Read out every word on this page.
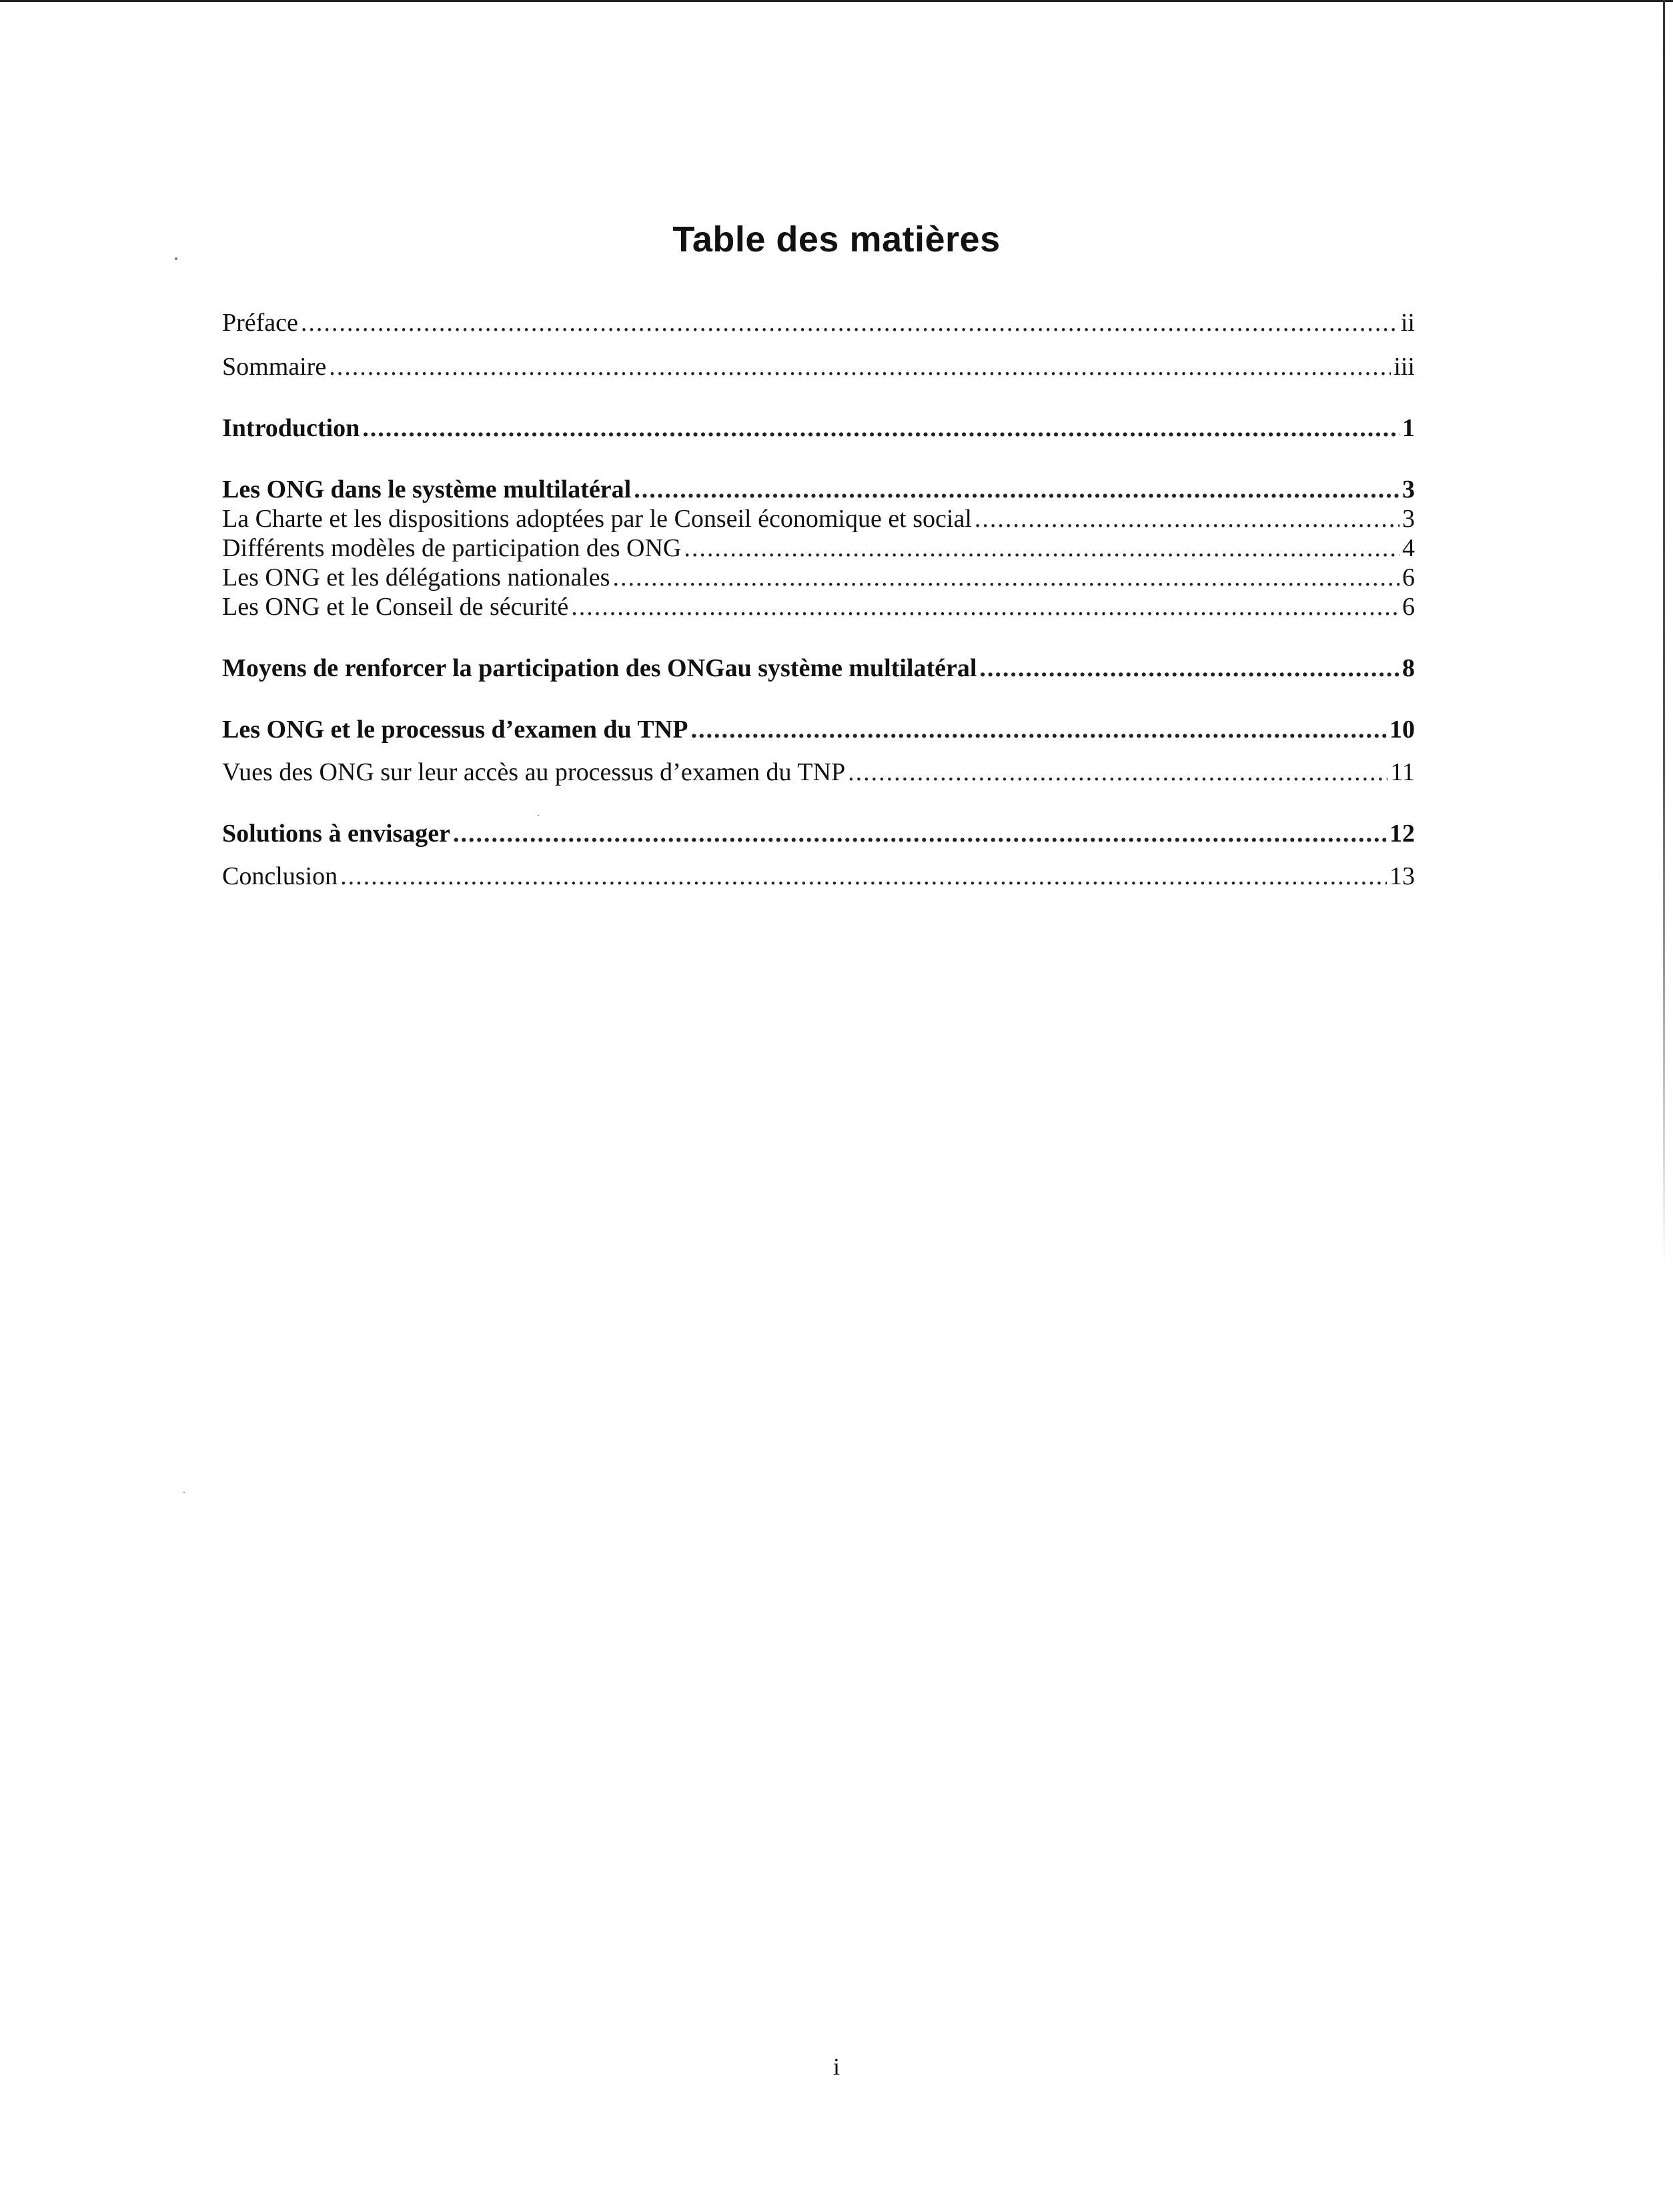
Table des matières
Préface .....	ii
Sommaire .....	iii
Introduction .....	1
Les ONG dans le système multilatéral .....	3
La Charte et les dispositions adoptées par le Conseil économique et social .....	3
Différents modèles de participation des ONG .....	4
Les ONG et les délégations nationales .....	6
Les ONG et le Conseil de sécurité .....	6
Moyens de renforcer la participation des ONGau système multilatéral .....	8
Les ONG et le processus d’examen du TNP .....	10
Vues des ONG sur leur accès au processus d’examen du TNP .....	11
Solutions à envisager .....	12
Conclusion .....	13
i
